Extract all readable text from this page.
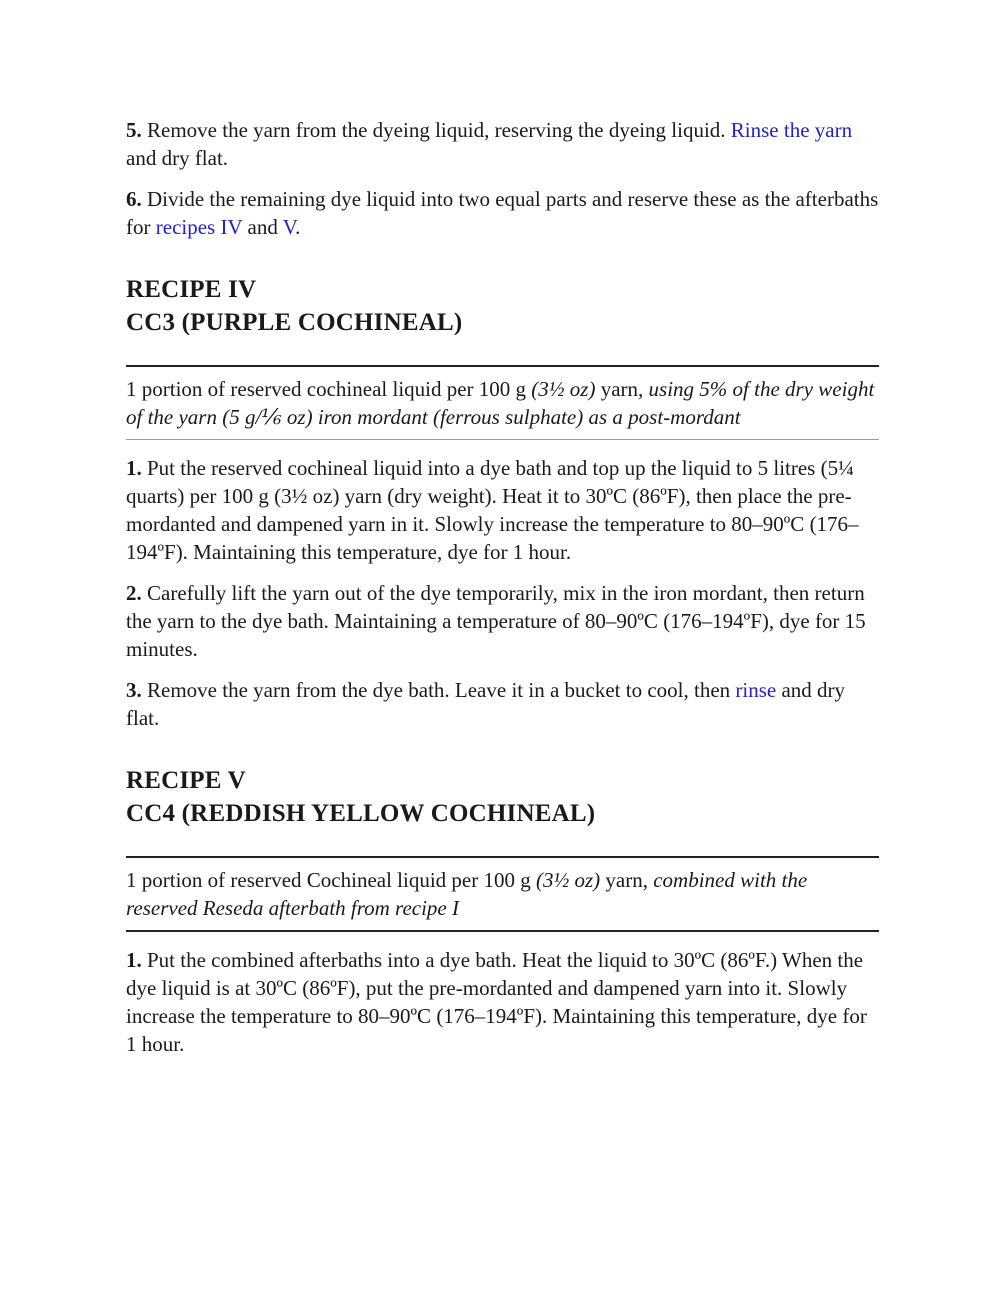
5. Remove the yarn from the dyeing liquid, reserving the dyeing liquid. Rinse the yarn and dry flat.

6. Divide the remaining dye liquid into two equal parts and reserve these as the afterbaths for recipes IV and V.

RECIPE IV
CC3 (PURPLE COCHINEAL)

1 portion of reserved cochineal liquid per 100 g (3½ oz) yarn, using 5% of the dry weight of the yarn (5 g/⅙ oz) iron mordant (ferrous sulphate) as a post-mordant

1. Put the reserved cochineal liquid into a dye bath and top up the liquid to 5 litres (5¼ quarts) per 100 g (3½ oz) yarn (dry weight). Heat it to 30ºC (86ºF), then place the pre-mordanted and dampened yarn in it. Slowly increase the temperature to 80–90ºC (176–194ºF). Maintaining this temperature, dye for 1 hour.

2. Carefully lift the yarn out of the dye temporarily, mix in the iron mordant, then return the yarn to the dye bath. Maintaining a temperature of 80–90ºC (176–194ºF), dye for 15 minutes.

3. Remove the yarn from the dye bath. Leave it in a bucket to cool, then rinse and dry flat.

RECIPE V
CC4 (REDDISH YELLOW COCHINEAL)

1 portion of reserved Cochineal liquid per 100 g (3½ oz) yarn, combined with the reserved Reseda afterbath from recipe I

1. Put the combined afterbaths into a dye bath. Heat the liquid to 30ºC (86ºF.) When the dye liquid is at 30ºC (86ºF), put the pre-mordanted and dampened yarn into it. Slowly increase the temperature to 80–90ºC (176–194ºF). Maintaining this temperature, dye for 1 hour.
